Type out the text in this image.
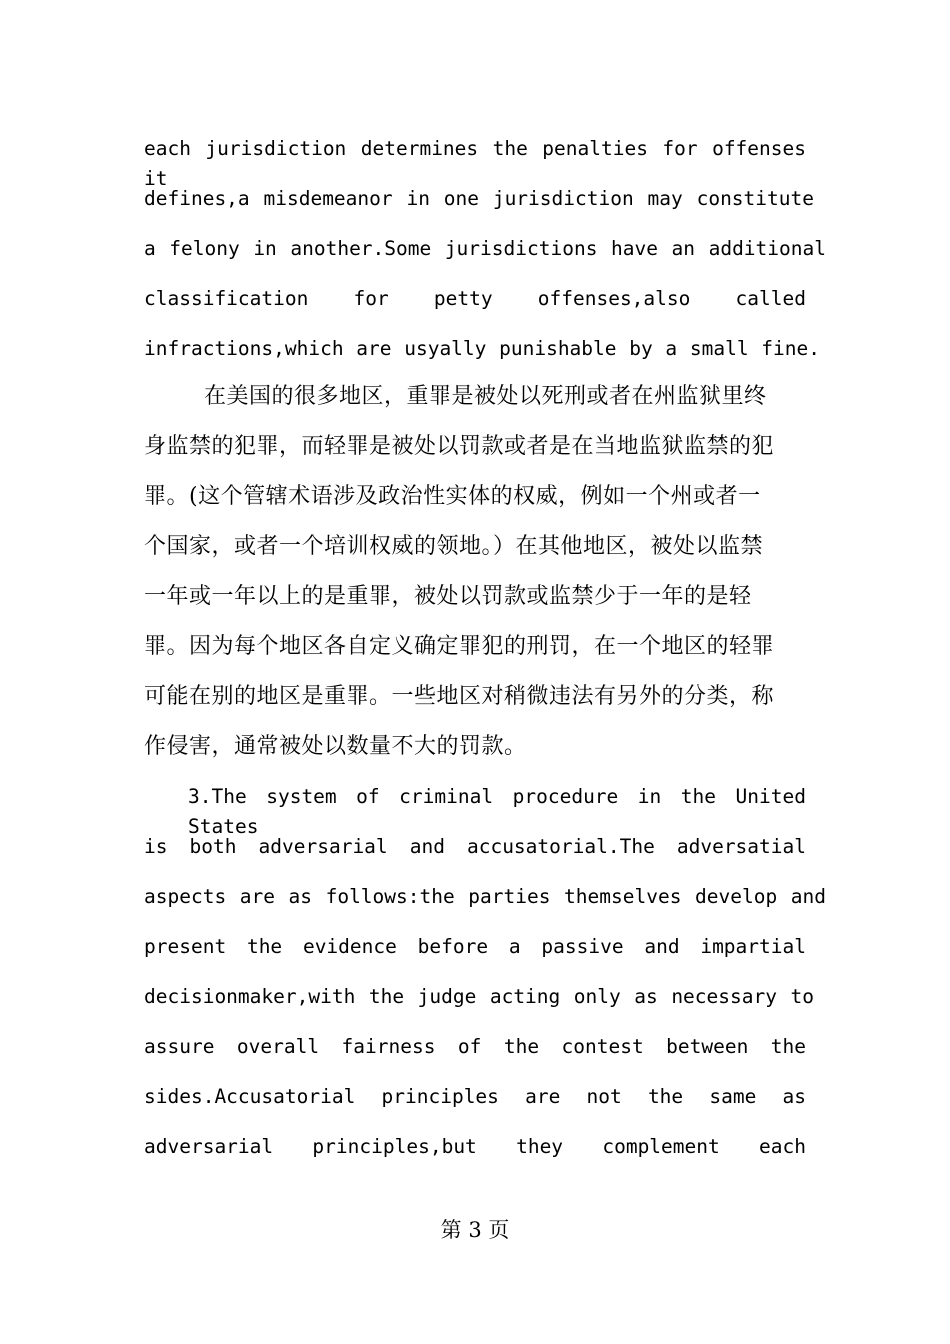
each jurisdiction determines the penalties for offenses it
defines,a misdemeanor in one jurisdiction may constitute
a felony in another.Some jurisdictions have an additional
classification for petty offenses,also called
infractions,which are usyally punishable by a small fine.
在美国的很多地区，重罪是被处以死刑或者在州监狱里终
身监禁的犯罪，而轻罪是被处以罚款或者是在当地监狱监禁的犯
罪。(这个管辖术语涉及政治性实体的权威，例如一个州或者一
个国家，或者一个培训权威的领地。）在其他地区，被处以监禁
一年或一年以上的是重罪，被处以罚款或监禁少于一年的是轻
罪。因为每个地区各自定义确定罪犯的刑罚，在一个地区的轻罪
可能在别的地区是重罪。一些地区对稍微违法有另外的分类，称
作侵害，通常被处以数量不大的罚款。
3.The system of criminal procedure in the United States
is both adversarial and accusatorial.The adversatial
aspects are as follows:the parties themselves develop and
present the evidence before a passive and impartial
decisionmaker,with the judge acting only as necessary to
assure overall fairness of the contest between the
sides.Accusatorial principles are not the same as
adversarial principles,but they complement each
第 3 页
